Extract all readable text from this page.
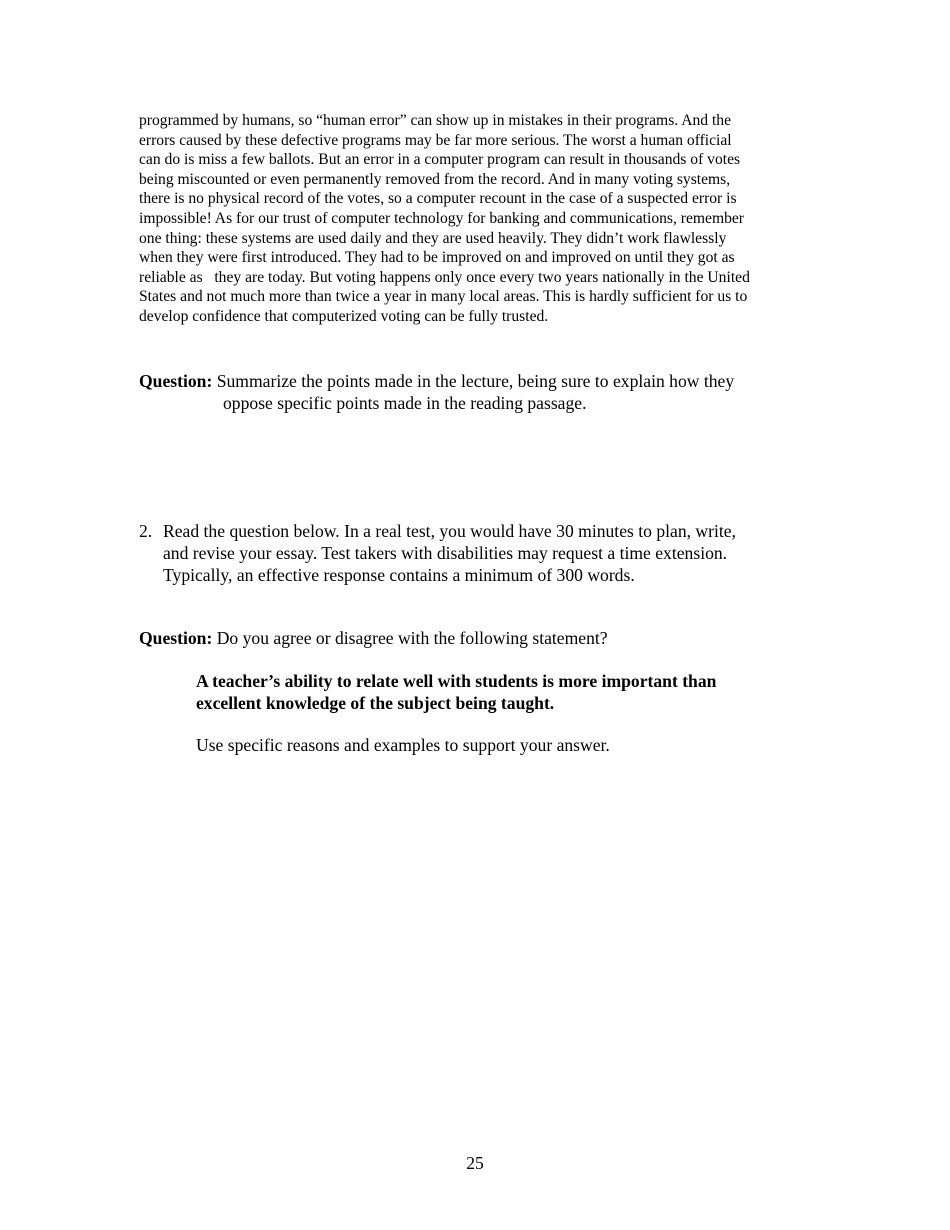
programmed by humans, so “human error” can show up in mistakes in their programs. And the
errors caused by these defective programs may be far more serious. The worst a human official
can do is miss a few ballots. But an error in a computer program can result in thousands of votes
being miscounted or even permanently removed from the record. And in many voting systems,
there is no physical record of the votes, so a computer recount in the case of a suspected error is
impossible! As for our trust of computer technology for banking and communications, remember
one thing: these systems are used daily and they are used heavily. They didn’t work flawlessly
when they were first introduced. They had to be improved on and improved on until they got as
reliable as   they are today. But voting happens only once every two years nationally in the United
States and not much more than twice a year in many local areas. This is hardly sufficient for us to
develop confidence that computerized voting can be fully trusted.
Question: Summarize the points made in the lecture, being sure to explain how they
oppose specific points made in the reading passage.
2. Read the question below. In a real test, you would have 30 minutes to plan, write,
and revise your essay. Test takers with disabilities may request a time extension.
Typically, an effective response contains a minimum of 300 words.
Question: Do you agree or disagree with the following statement?
A teacher’s ability to relate well with students is more important than
excellent knowledge of the subject being taught.
Use specific reasons and examples to support your answer.
25
